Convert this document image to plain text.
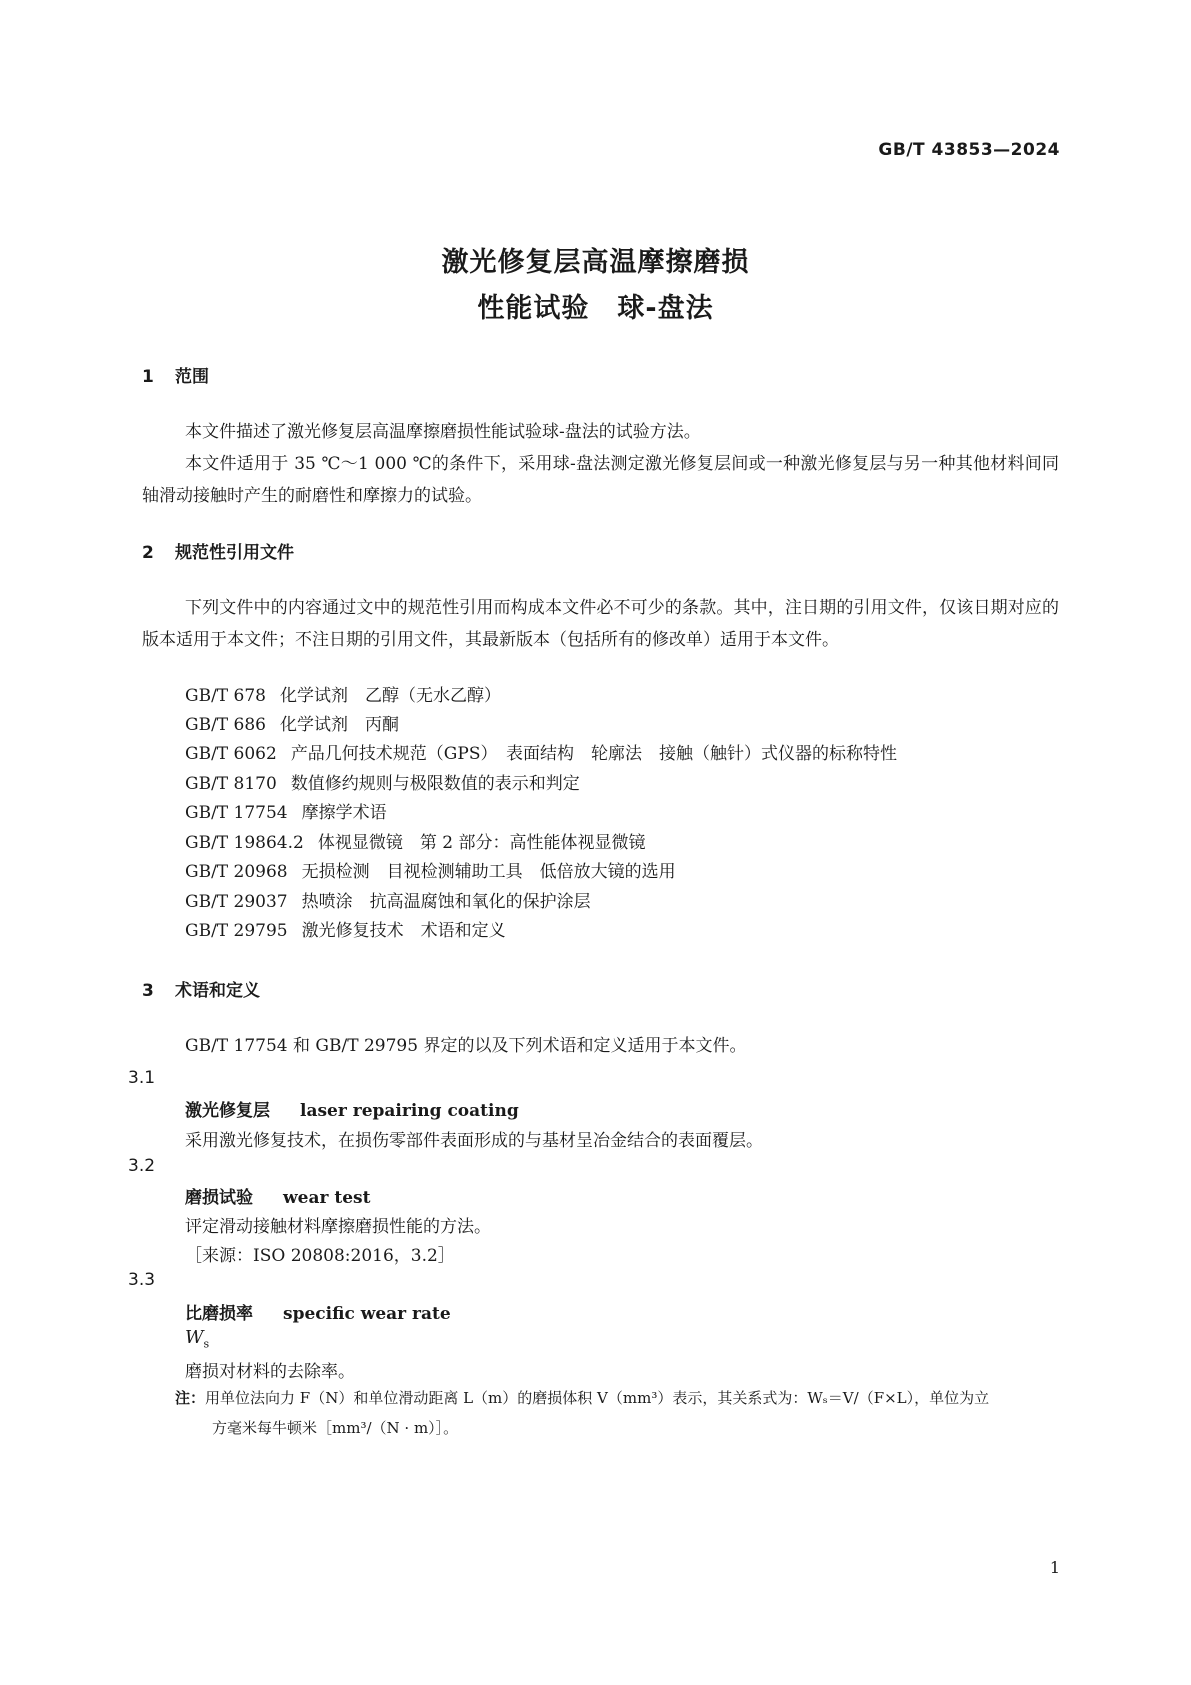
GB/T 43853—2024
激光修复层高温摩擦磨损
性能试验　球-盘法
1 范围
本文件描述了激光修复层高温摩擦磨损性能试验球-盘法的试验方法。
本文件适用于 35 ℃～1 000 ℃的条件下，采用球-盘法测定激光修复层间或一种激光修复层与另一种其他材料间同轴滑动接触时产生的耐磨性和摩擦力的试验。
2 规范性引用文件
下列文件中的内容通过文中的规范性引用而构成本文件必不可少的条款。其中，注日期的引用文件，仅该日期对应的版本适用于本文件；不注日期的引用文件，其最新版本（包括所有的修改单）适用于本文件。
GB/T 678 化学试剂　乙醇（无水乙醇）
GB/T 686 化学试剂　丙酮
GB/T 6062 产品几何技术规范（GPS）　表面结构　轮廓法　接触（触针）式仪器的标称特性
GB/T 8170 数值修约规则与极限数值的表示和判定
GB/T 17754 摩擦学术语
GB/T 19864.2 体视显微镜　第 2 部分：高性能体视显微镜
GB/T 20968 无损检测　目视检测辅助工具　低倍放大镜的选用
GB/T 29037 热喷涂　抗高温腐蚀和氧化的保护涂层
GB/T 29795 激光修复技术　术语和定义
3 术语和定义
GB/T 17754 和 GB/T 29795 界定的以及下列术语和定义适用于本文件。
3.1
激光修复层 laser repairing coating
采用激光修复技术，在损伤零部件表面形成的与基材呈冶金结合的表面覆层。
3.2
磨损试验 wear test
评定滑动接触材料摩擦磨损性能的方法。
［来源：ISO 20808:2016，3.2］
3.3
比磨损率 specific wear rate
$W_s$
磨损对材料的去除率。
注：用单位法向力 F（N）和单位滑动距离 L（m）的磨损体积 V（mm³）表示，其关系式为：Wₛ＝V/（F×L），单位为立
方毫米每牛顿米［mm³/（N · m）］。
1
